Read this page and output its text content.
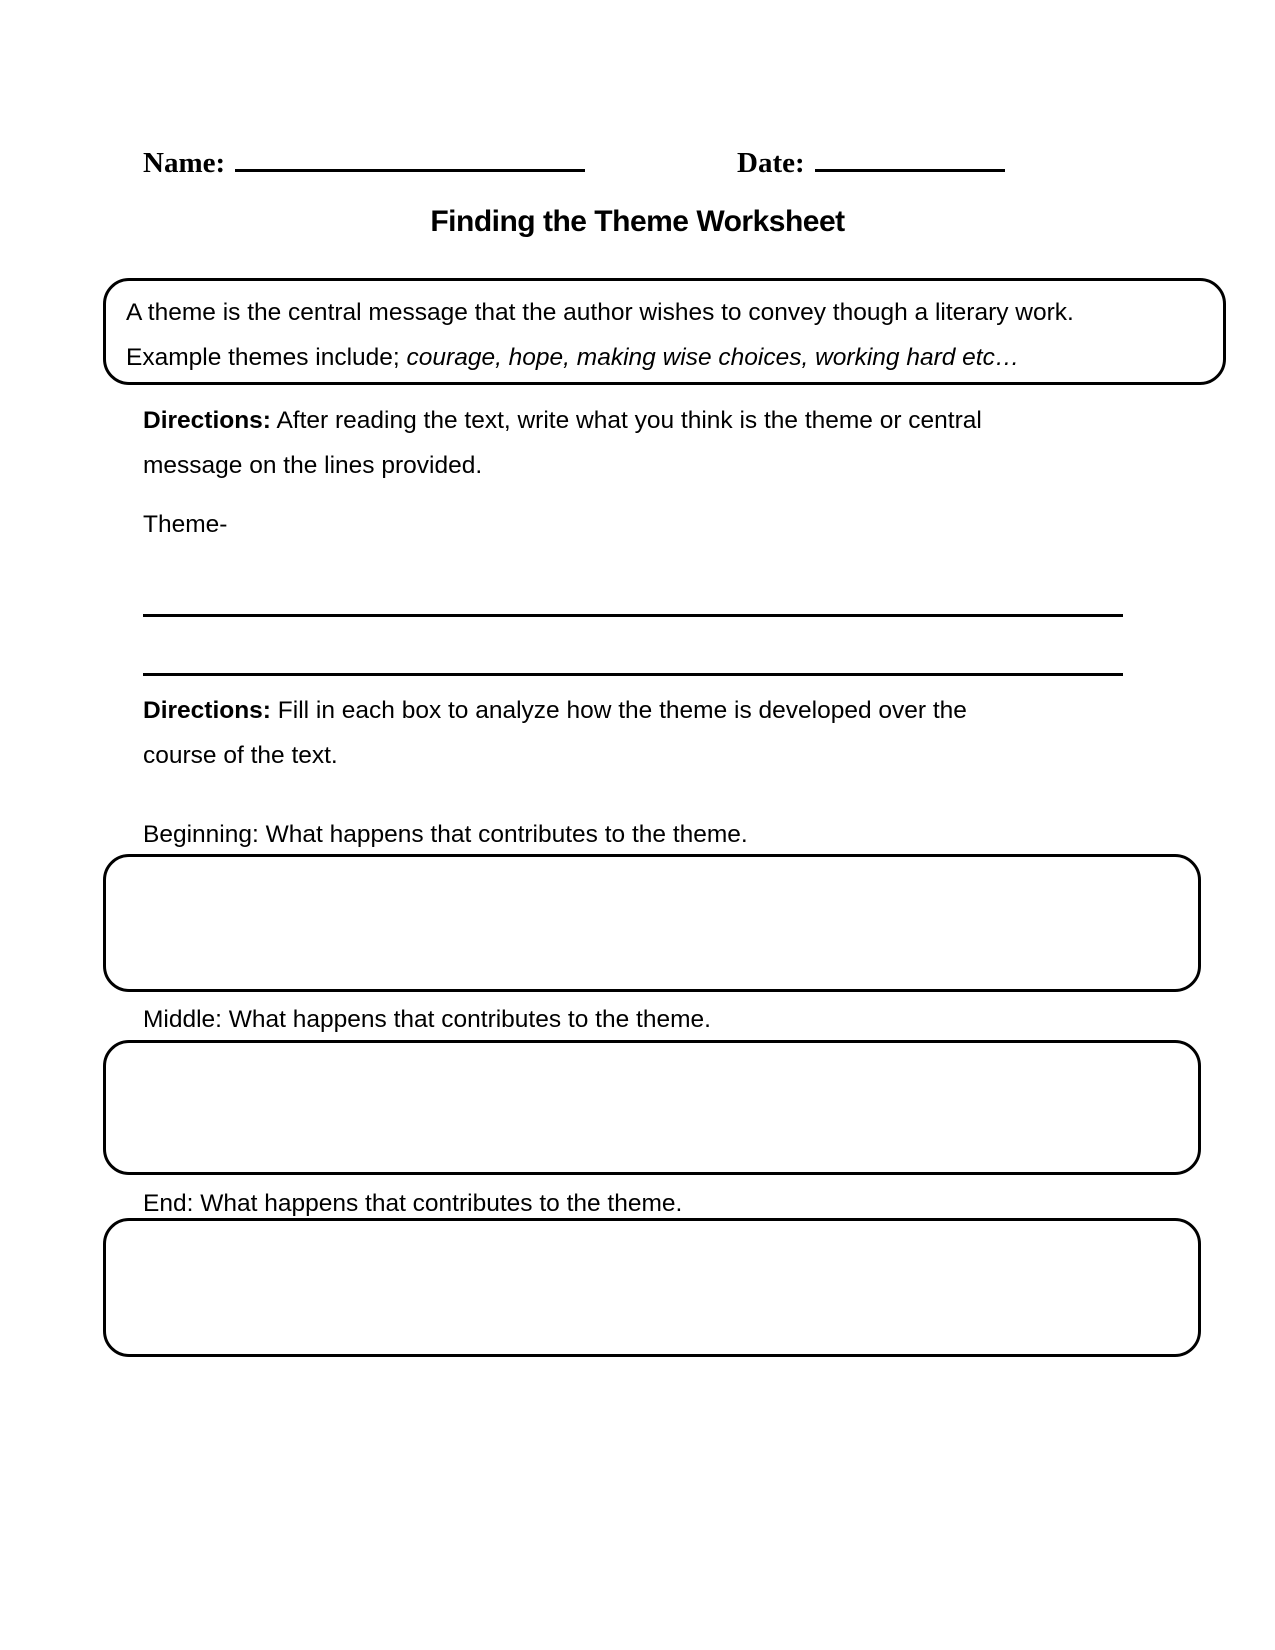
Name:	Date:
Finding the Theme Worksheet

A theme is the central message that the author wishes to convey though a literary work.
Example themes include; courage, hope, making wise choices, working hard etc…

Directions: After reading the text, write what you think is the theme or central message on the lines provided.

Theme-

Directions: Fill in each box to analyze how the theme is developed over the course of the text.

Beginning: What happens that contributes to the theme.

Middle: What happens that contributes to the theme.

End: What happens that contributes to the theme.
